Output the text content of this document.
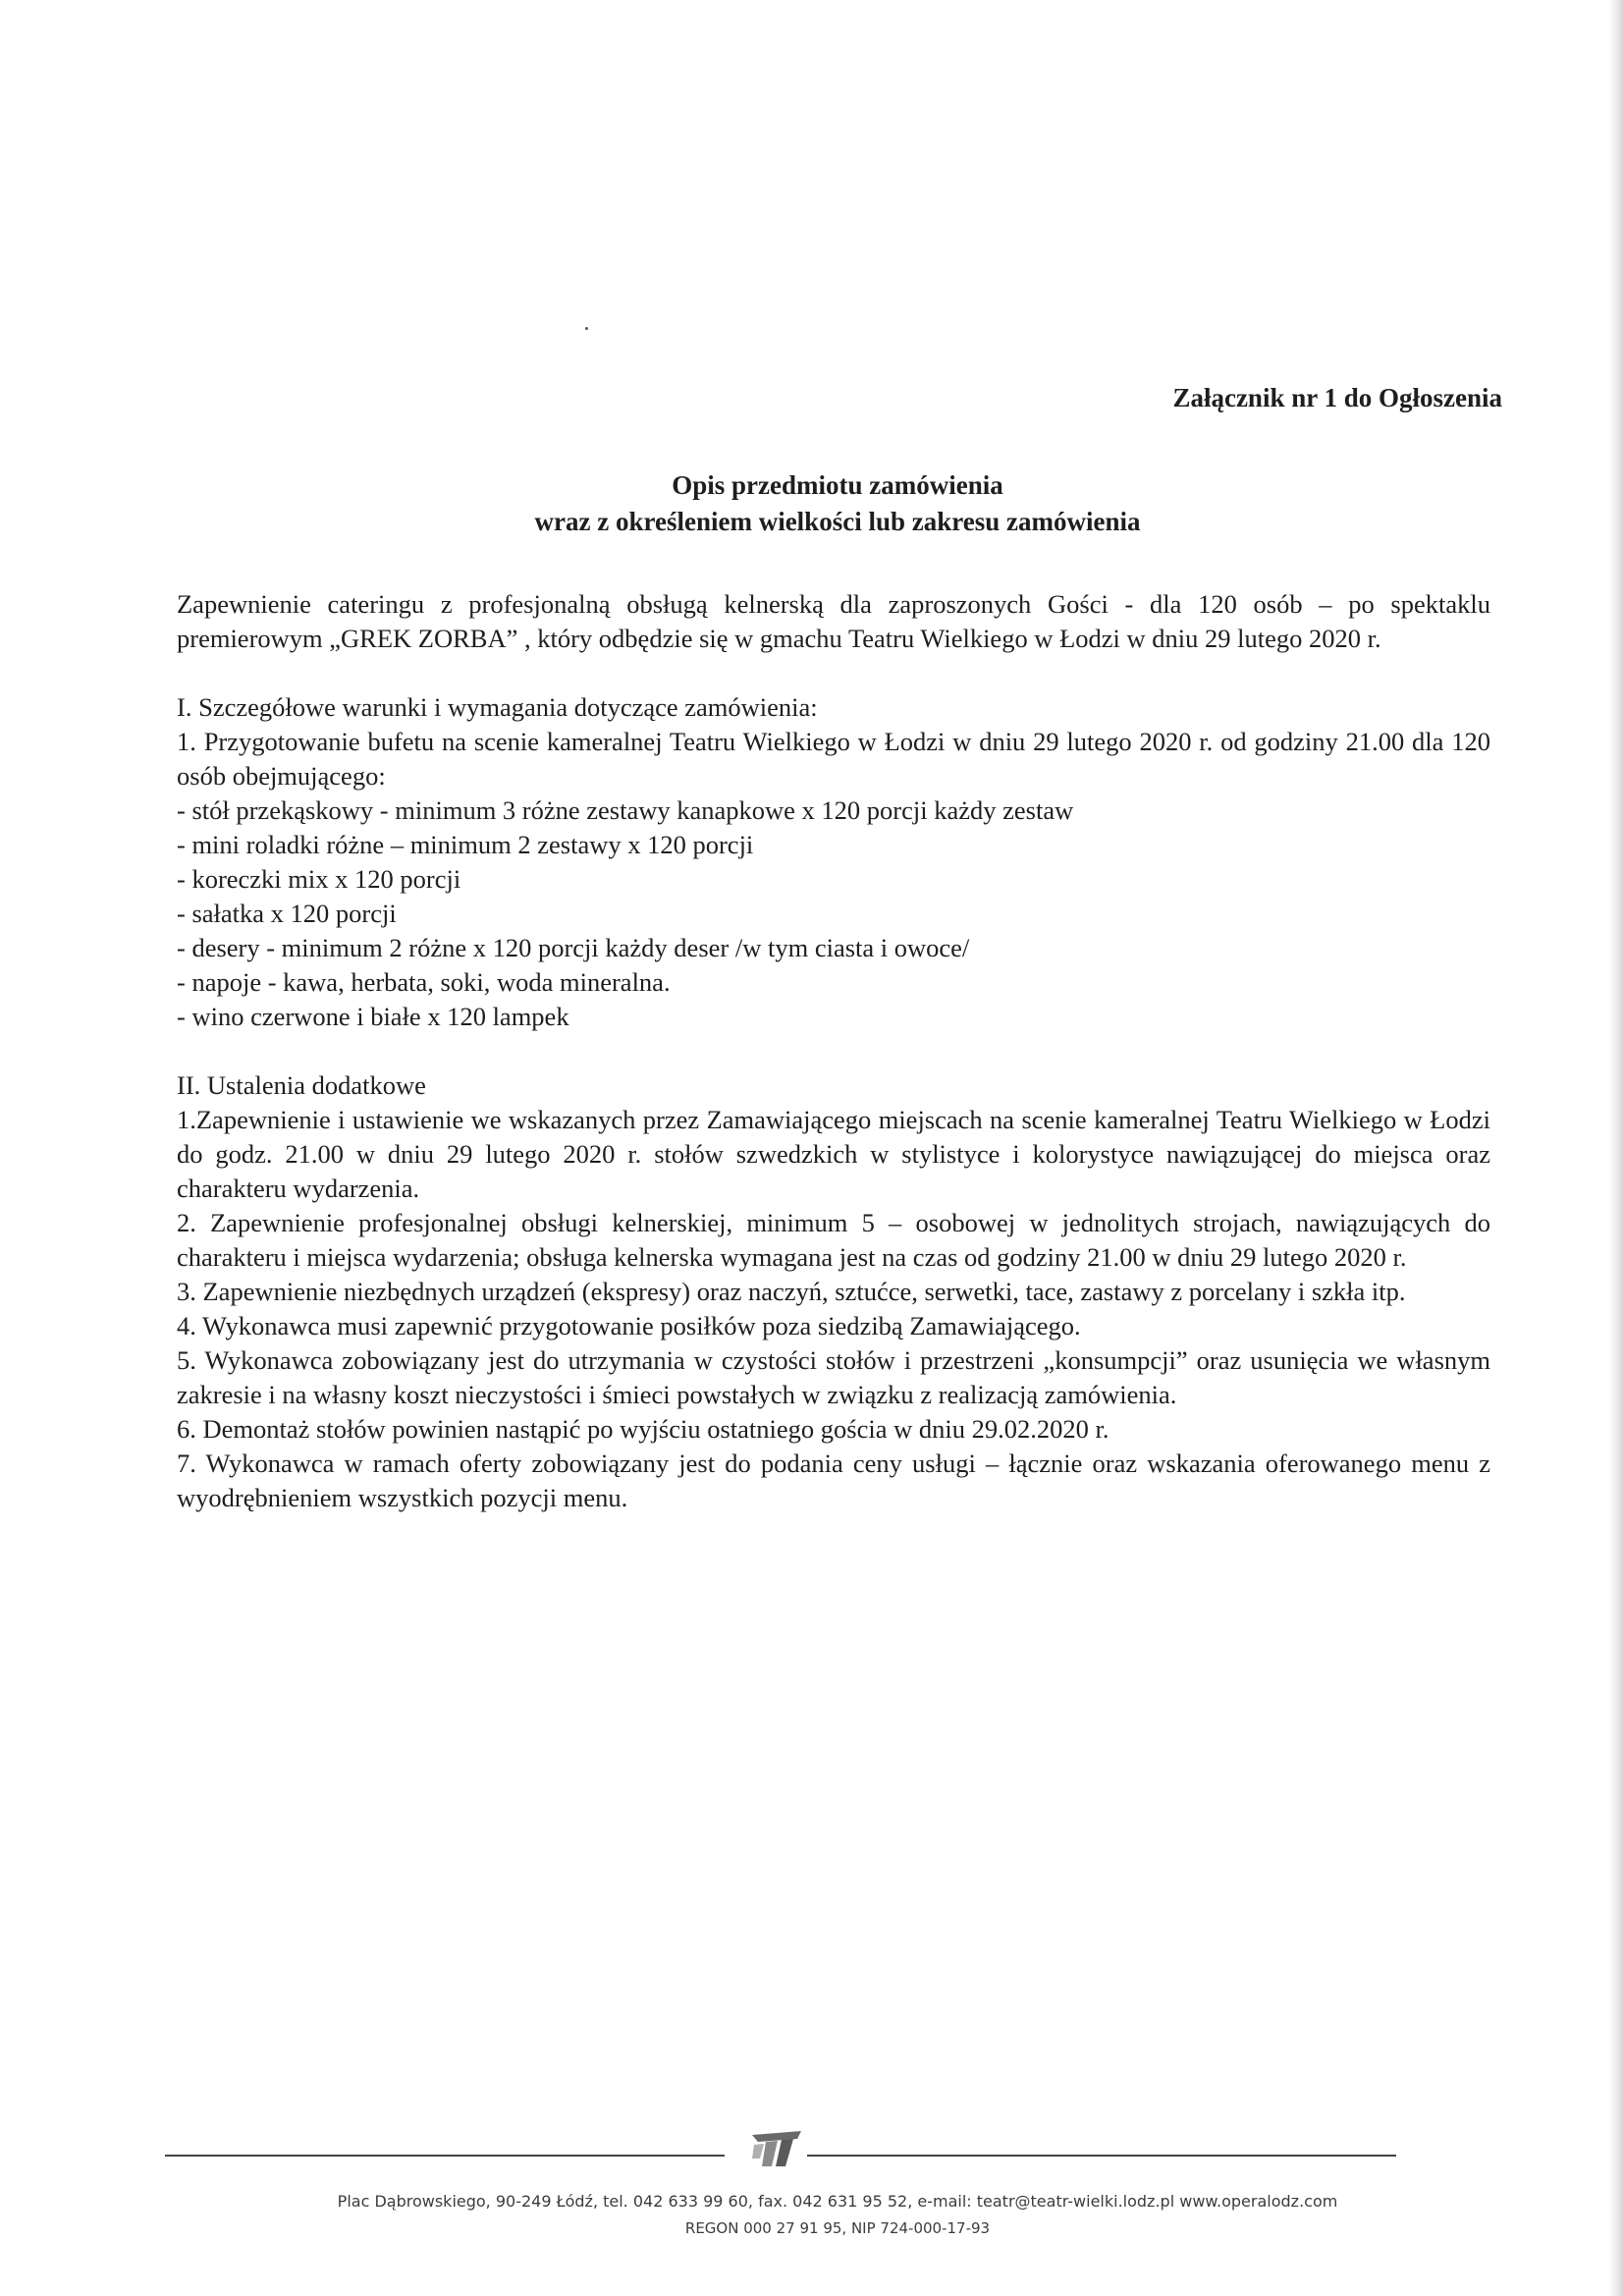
Załącznik nr 1 do Ogłoszenia
Opis przedmiotu zamówienia
wraz z określeniem wielkości lub zakresu zamówienia

Zapewnienie cateringu z profesjonalną obsługą kelnerską dla zaproszonych Gości - dla 120 osób – po spektaklu premierowym „GREK ZORBA” , który odbędzie się w gmachu Teatru Wielkiego w Łodzi w dniu 29 lutego 2020 r.

I. Szczegółowe warunki i wymagania dotyczące zamówienia:

1. Przygotowanie bufetu na scenie kameralnej Teatru Wielkiego w Łodzi w dniu 29 lutego 2020 r. od godziny 21.00 dla 120 osób obejmującego:

- stół przekąskowy - minimum 3 różne zestawy kanapkowe x 120 porcji każdy zestaw

- mini roladki różne – minimum 2 zestawy x 120 porcji

- koreczki mix x 120 porcji

- sałatka x 120 porcji

- desery - minimum 2 różne x 120 porcji każdy deser /w tym ciasta i owoce/

- napoje - kawa, herbata, soki, woda mineralna.

- wino czerwone i białe x 120 lampek

II. Ustalenia dodatkowe

1.Zapewnienie i ustawienie we wskazanych przez Zamawiającego miejscach na scenie kameralnej Teatru Wielkiego w Łodzi do godz. 21.00 w dniu 29 lutego 2020 r. stołów szwedzkich w stylistyce i kolorystyce nawiązującej do miejsca oraz charakteru wydarzenia.

2. Zapewnienie profesjonalnej obsługi kelnerskiej, minimum 5 – osobowej w jednolitych strojach, nawiązujących do charakteru i miejsca wydarzenia; obsługa kelnerska wymagana jest na czas od godziny 21.00 w dniu 29 lutego 2020 r.

3. Zapewnienie niezbędnych urządzeń (ekspresy) oraz naczyń, sztućce, serwetki, tace, zastawy z porcelany i szkła itp.

4. Wykonawca musi zapewnić przygotowanie posiłków poza siedzibą Zamawiającego.

5. Wykonawca zobowiązany jest do utrzymania w czystości stołów i przestrzeni „konsumpcji” oraz usunięcia we własnym zakresie i na własny koszt nieczystości i śmieci powstałych w związku z realizacją zamówienia.

6. Demontaż stołów powinien nastąpić po wyjściu ostatniego gościa w dniu 29.02.2020 r.

7. Wykonawca w ramach oferty zobowiązany jest do podania ceny usługi – łącznie oraz wskazania oferowanego menu z wyodrębnieniem wszystkich pozycji menu.

Plac Dąbrowskiego, 90-249 Łódź, tel. 042 633 99 60, fax. 042 631 95 52, e-mail: teatr@teatr-wielki.lodz.pl www.operalodz.com
REGON 000 27 91 95, NIP 724-000-17-93
